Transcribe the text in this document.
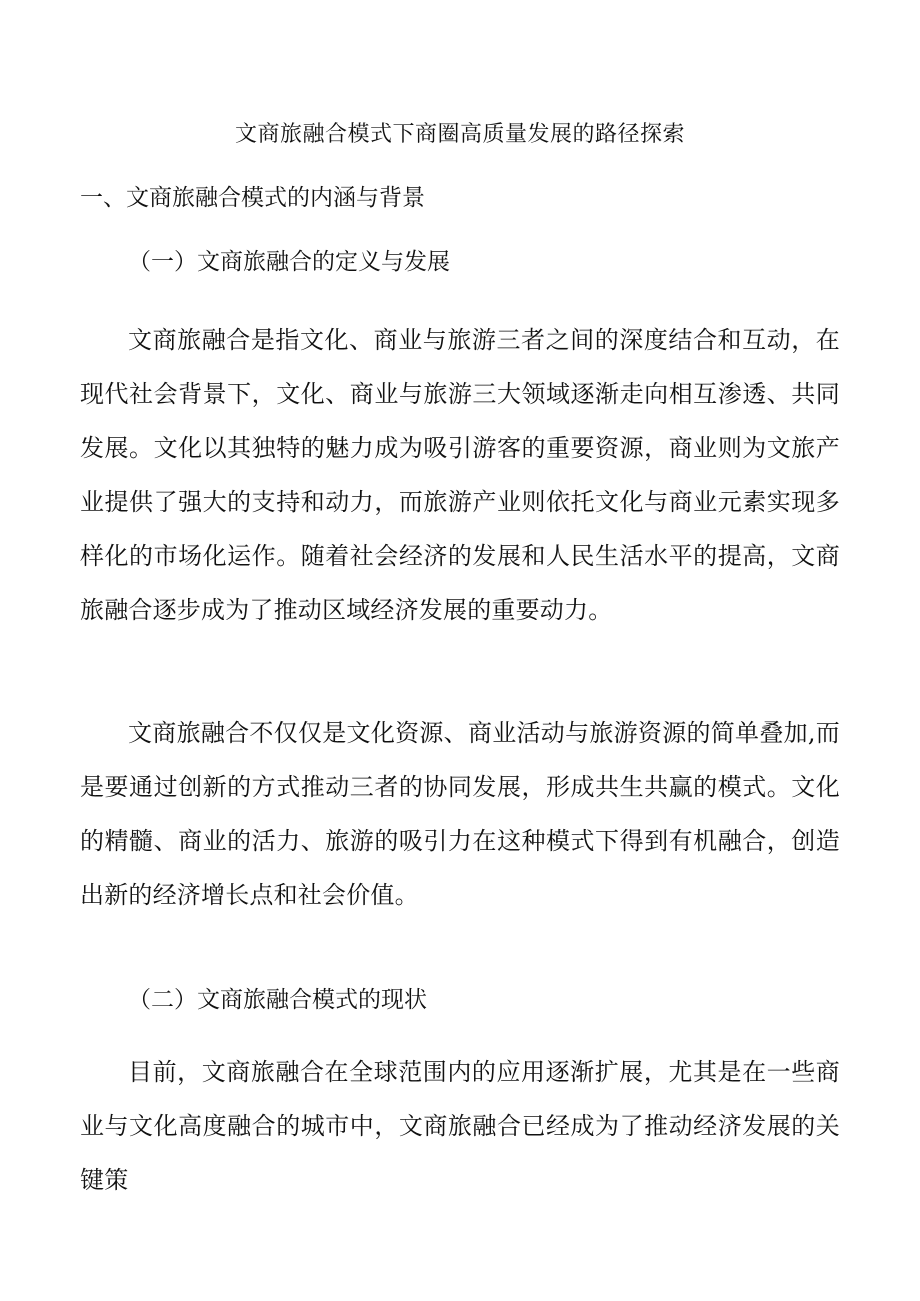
文商旅融合模式下商圈高质量发展的路径探索
一、文商旅融合模式的内涵与背景
（一）文商旅融合的定义与发展

文商旅融合是指文化、商业与旅游三者之间的深度结合和互动，在现代社会背景下，文化、商业与旅游三大领域逐渐走向相互渗透、共同发展。文化以其独特的魅力成为吸引游客的重要资源，商业则为文旅产业提供了强大的支持和动力，而旅游产业则依托文化与商业元素实现多样化的市场化运作。随着社会经济的发展和人民生活水平的提高，文商旅融合逐步成为了推动区域经济发展的重要动力。

文商旅融合不仅仅是文化资源、商业活动与旅游资源的简单叠加,而是要通过创新的方式推动三者的协同发展，形成共生共赢的模式。文化的精髓、商业的活力、旅游的吸引力在这种模式下得到有机融合，创造出新的经济增长点和社会价值。

（二）文商旅融合模式的现状

目前，文商旅融合在全球范围内的应用逐渐扩展，尤其是在一些商业与文化高度融合的城市中，文商旅融合已经成为了推动经济发展的关键策
